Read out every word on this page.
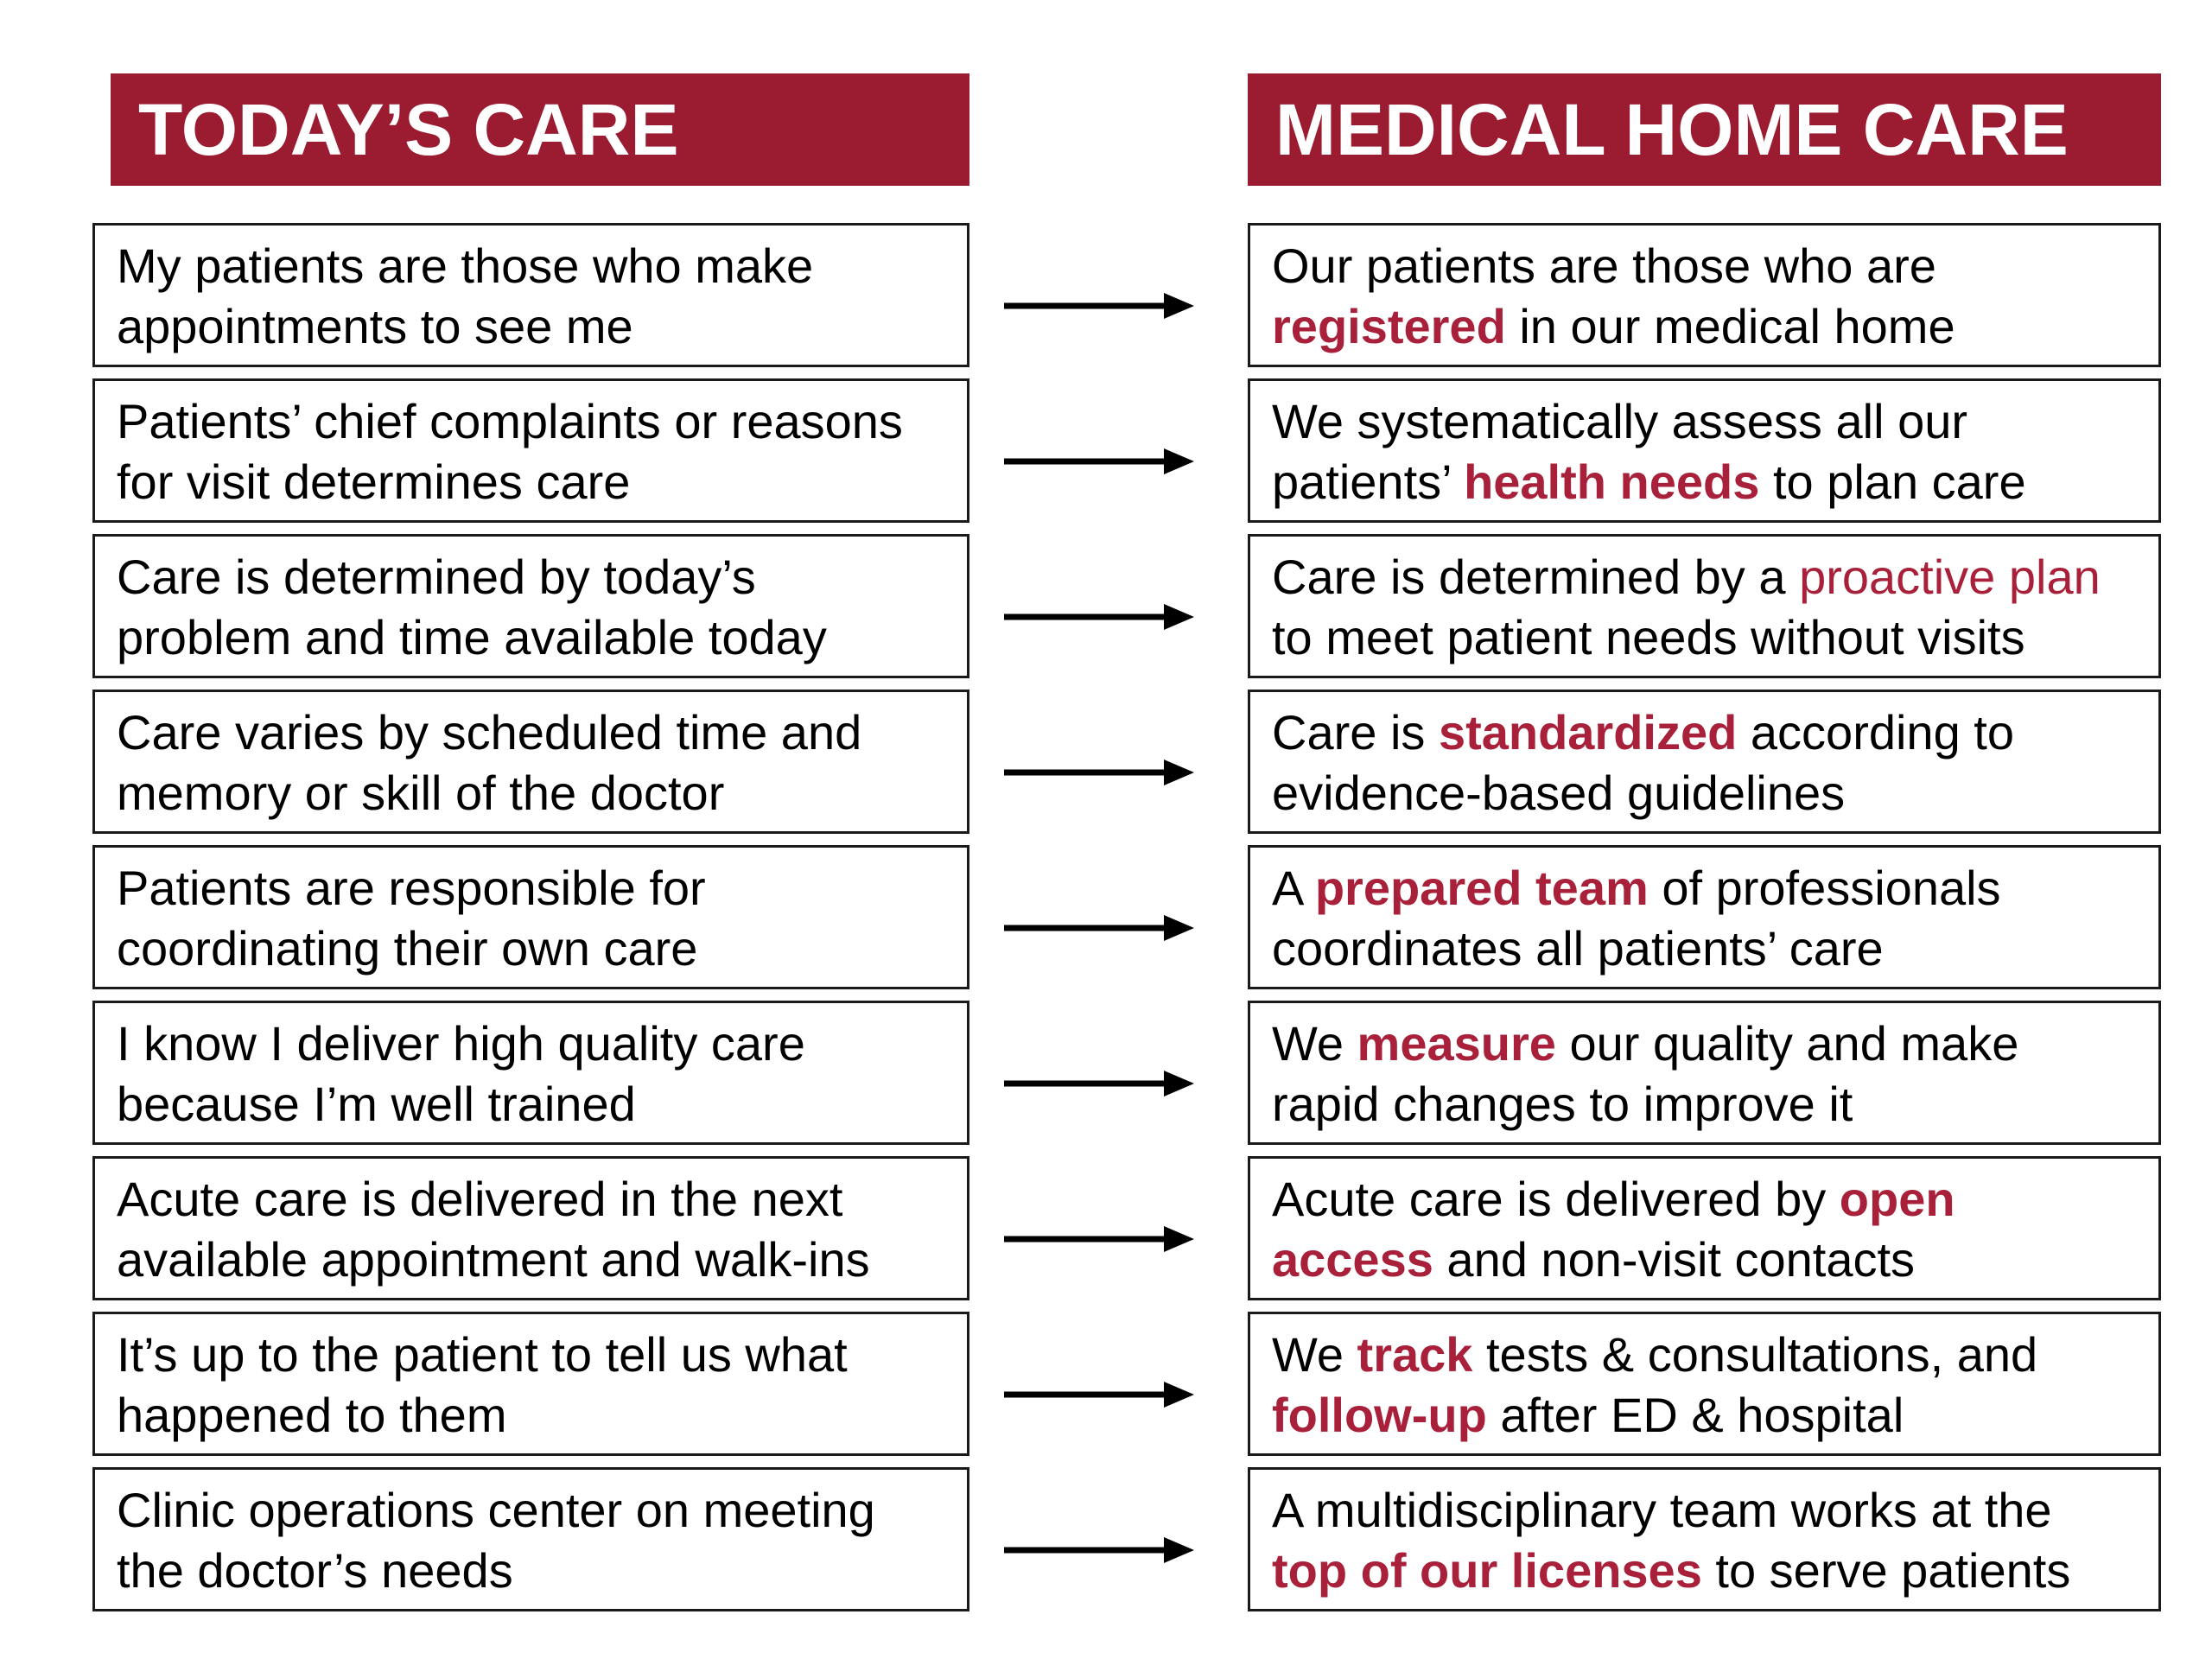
TODAY’S CARE	MEDICAL HOME CARE
My patients are those who make
appointments to see me
Our patients are those who are
registered in our medical home
Patients’ chief complaints or reasons
for visit determines care
We systematically assess all our
patients’ health needs to plan care
Care is determined by today’s
problem and time available today
Care is determined by a proactive plan
to meet patient needs without visits
Care varies by scheduled time and
memory or skill of the doctor
Care is standardized according to
evidence-based guidelines
Patients are responsible for
coordinating their own care
A prepared team of professionals
coordinates all patients’ care
I know I deliver high quality care
because I’m well trained
We measure our quality and make
rapid changes to improve it
Acute care is delivered in the next
available appointment and walk-ins
Acute care is delivered by open
access and non-visit contacts
It’s up to the patient to tell us what
happened to them
We track tests & consultations, and
follow-up after ED & hospital
Clinic operations center on meeting
the doctor’s needs
A multidisciplinary team works at the
top of our licenses to serve patients
